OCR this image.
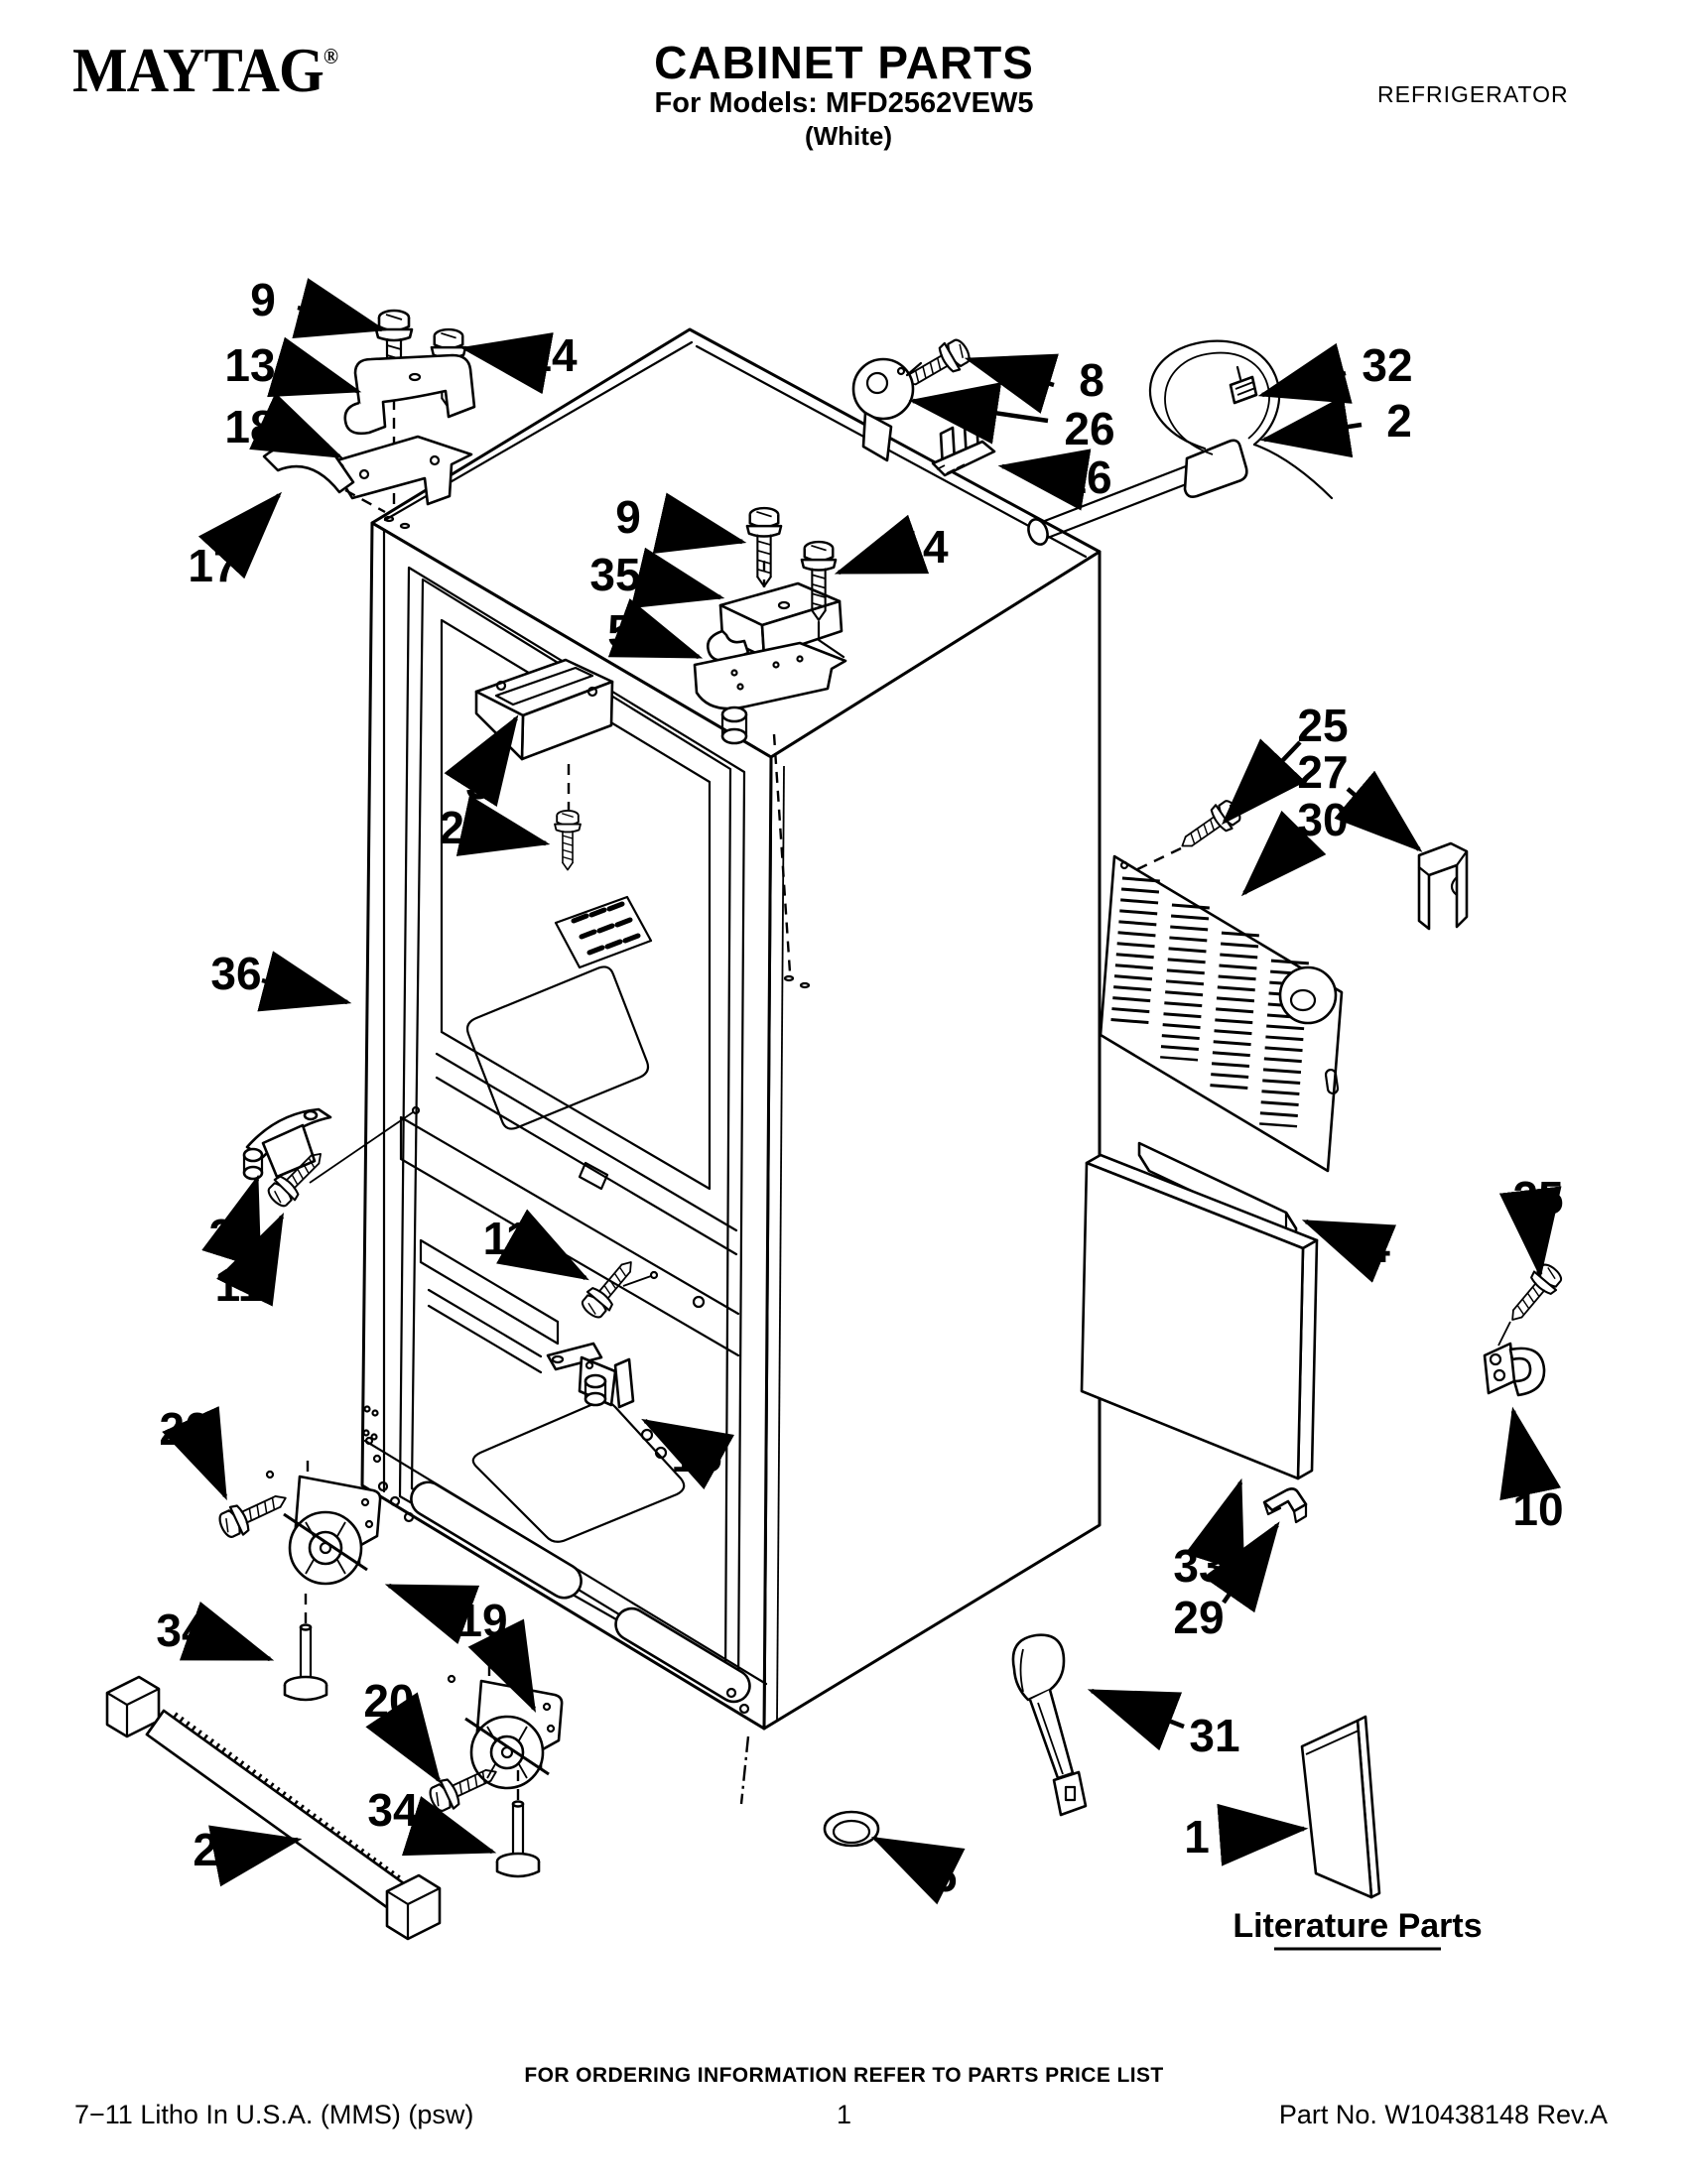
MAYTAG®	CABINET PARTS
For Models: MFD2562VEW5
(White)
REFRIGERATOR
Literature Parts
9
13
18
14
17
8
26
16
32
2
9
35
5
14
3
28
36
25
27
30
24
11
11
15
20
34	19
20
34
22	6
31
33
29
4
25
10
1
FOR ORDERING INFORMATION REFER TO PARTS PRICE LIST
7−11 Litho In U.S.A. (MMS) (psw)	1	Part No. W10438148 Rev.A
